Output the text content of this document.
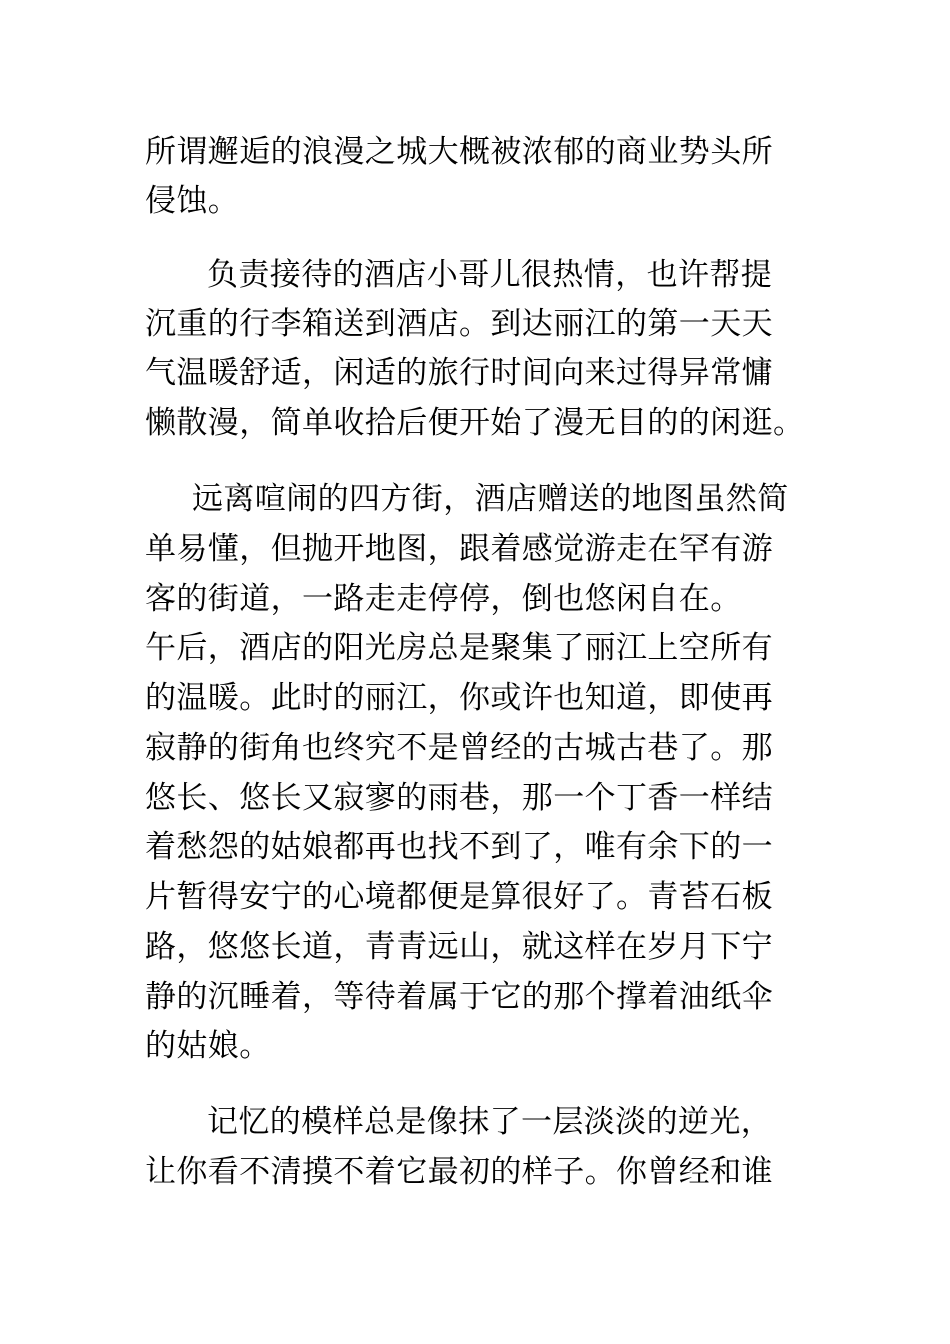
所谓邂逅的浪漫之城大概被浓郁的商业势头所
侵蚀。
负责接待的酒店小哥儿很热情，也许帮提
沉重的行李箱送到酒店。到达丽江的第一天天
气温暖舒适，闲适的旅行时间向来过得异常慵
懒散漫，简单收拾后便开始了漫无目的的闲逛。
远离喧闹的四方街，酒店赠送的地图虽然简
单易懂，但抛开地图，跟着感觉游走在罕有游
客的街道，一路走走停停，倒也悠闲自在。
午后，酒店的阳光房总是聚集了丽江上空所有
的温暖。此时的丽江，你或许也知道，即使再
寂静的街角也终究不是曾经的古城古巷了。那
悠长、悠长又寂寥的雨巷，那一个丁香一样结
着愁怨的姑娘都再也找不到了，唯有余下的一
片暂得安宁的心境都便是算很好了。青苔石板
路，悠悠长道，青青远山，就这样在岁月下宁
静的沉睡着，等待着属于它的那个撑着油纸伞
的姑娘。
记忆的模样总是像抹了一层淡淡的逆光，
让你看不清摸不着它最初的样子。你曾经和谁
